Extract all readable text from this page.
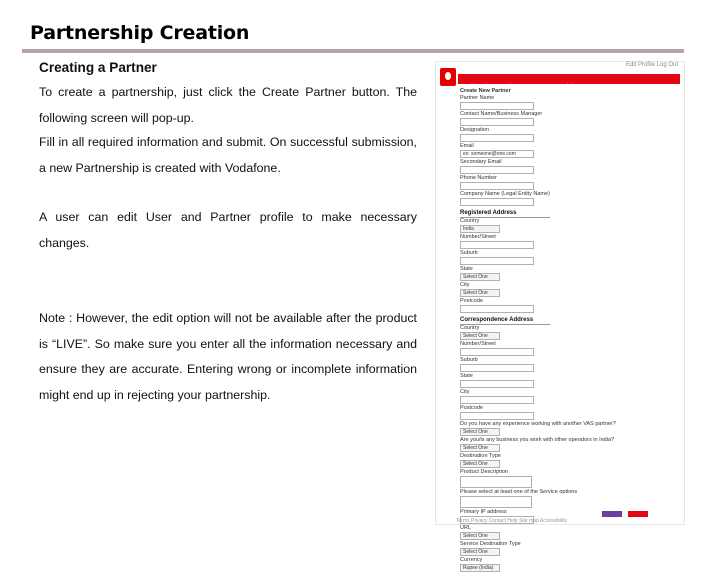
Partnership Creation
Creating a Partner

To create a partnership, just click the Create Partner button. The following screen will pop-up.

Fill in all required information and submit. On successful submission, a new Partnership is created with Vodafone.

A user can edit User and Partner profile to make necessary changes.

Note : However, the edit option will not be available after the product is “LIVE”. So make sure you enter all the information necessary and ensure they are accurate. Entering wrong or incomplete information might end up in rejecting your partnership.

Edit Profile Log Out
Dashboard	Products	Test	Analytics
Create New Partner
Partner Name
Contact Name/Business Manager
Designation
Email
ex: someone@one.com
Secondary Email
Phone Number
Company Name (Legal Entity Name)
Registered Address
Country
India
Number/Street
Suburb
State
Select One
City
Select One
Postcode
Correspondence Address
Country
Select One
Number/Street
Suburb
State
City
Postcode
Do you have any experience working with another VAS partner?
Select One
Are you/is any business you work with other operators in India?
Select One
Destination Type
Select One
Product Description
Please select at least one of the Service options
Primary IP address
URL
Select One
Service Destination Type
Select One
Currency
Rupee (India)

Terms Privacy Contact Help Site map Accessibility
